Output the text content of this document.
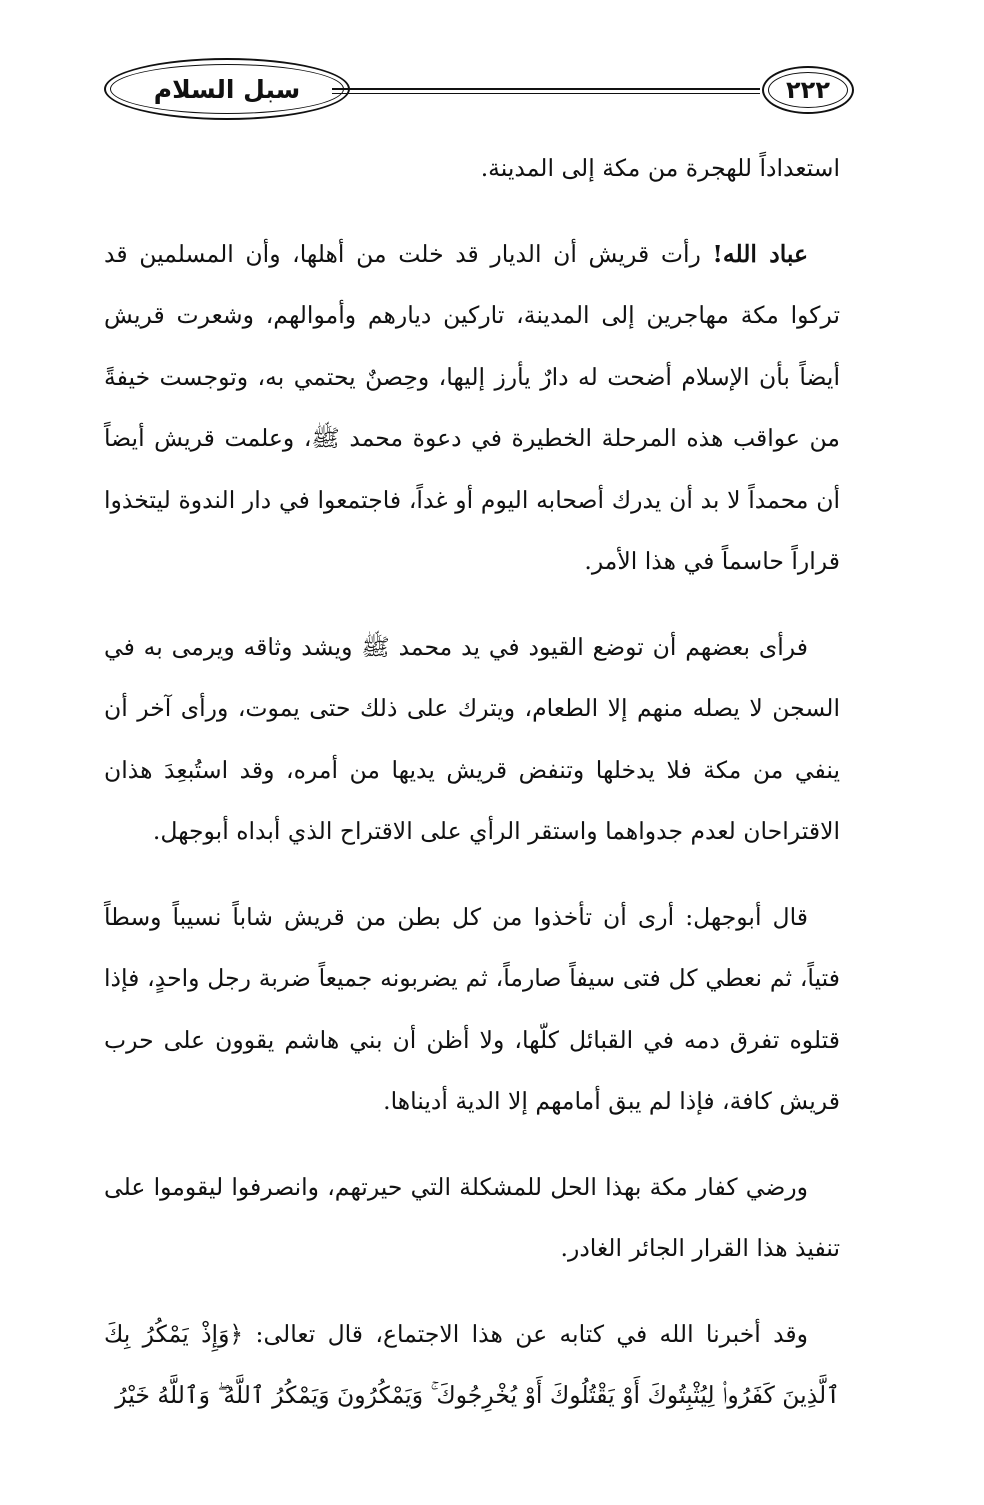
سبل السلام	٢٢٢

استعداداً للهجرة من مكة إلى المدينة.

عباد الله! رأت قريش أن الديار قد خلت من أهلها، وأن المسلمين قد تركوا مكة مهاجرين إلى المدينة، تاركين ديارهم وأموالهم، وشعرت قريش أيضاً بأن الإسلام أضحت له دارٌ يأرز إليها، وحِصنٌ يحتمي به، وتوجست خيفةً من عواقب هذه المرحلة الخطيرة في دعوة محمد ﷺ، وعلمت قريش أيضاً أن محمداً لا بد أن يدرك أصحابه اليوم أو غداً، فاجتمعوا في دار الندوة ليتخذوا قراراً حاسماً في هذا الأمر.

فرأى بعضهم أن توضع القيود في يد محمد ﷺ ويشد وثاقه ويرمى به في السجن لا يصله منهم إلا الطعام، ويترك على ذلك حتى يموت، ورأى آخر أن ينفي من مكة فلا يدخلها وتنفض قريش يديها من أمره، وقد استُبعِدَ هذان الاقتراحان لعدم جدواهما واستقر الرأي على الاقتراح الذي أبداه أبوجهل.

قال أبوجهل: أرى أن تأخذوا من كل بطن من قريش شاباً نسيباً وسطاً فتياً، ثم نعطي كل فتى سيفاً صارماً، ثم يضربونه جميعاً ضربة رجل واحدٍ، فإذا قتلوه تفرق دمه في القبائل كلّها، ولا أظن أن بني هاشم يقوون على حرب قريش كافة، فإذا لم يبق أمامهم إلا الدية أديناها.

ورضي كفار مكة بهذا الحل للمشكلة التي حيرتهم، وانصرفوا ليقوموا على تنفيذ هذا القرار الجائر الغادر.

وقد أخبرنا الله في كتابه عن هذا الاجتماع، قال تعالى: ﴿وَإِذْ يَمْكُرُ بِكَ ٱلَّذِينَ كَفَرُوا۟ لِيُثْبِتُوكَ أَوْ يَقْتُلُوكَ أَوْ يُخْرِجُوكَ ۚ وَيَمْكُرُونَ وَيَمْكُرُ ٱللَّهُ ۖ وَٱللَّهُ خَيْرُ
